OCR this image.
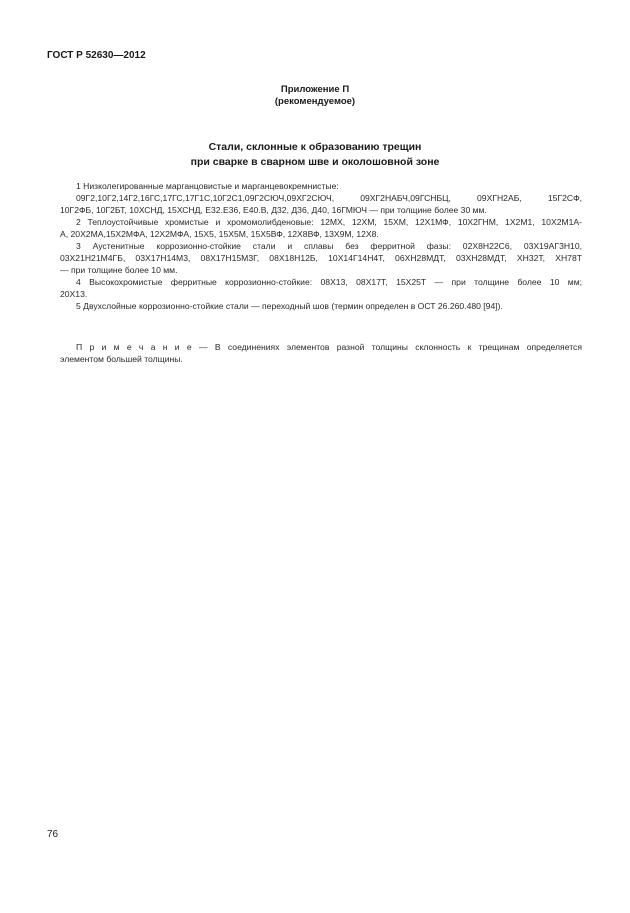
ГОСТ Р 52630—2012
Приложение П
(рекомендуемое)
Стали, склонные к образованию трещин
при сварке в сварном шве и околошовной зоне
1 Низколегированные марганцовистые и марганцевокремнистые:
09Г2,10Г2,14Г2,16ГС,17ГС,17Г1С,10Г2С1,09Г2СЮЧ,09ХГ2СЮЧ, 09ХГ2НАБЧ,09ГСНБЦ, 09ХГН2АБ, 15Г2СФ,
10Г2ФБ, 10Г2БТ, 10ХСНД, 15ХСНД, Е32.Е36, Е40.В, Д32, Д36, Д40, 16ГМЮЧ — при толщине более 30 мм.
2 Теплоустойчивые хромистые и хромомолибденовые: 12МХ, 12ХМ, 15ХМ, 12Х1МФ, 10Х2ГНМ, 1Х2М1, 10Х2М1А-
А, 20Х2МА,15Х2МФА, 12Х2МФА, 15Х5, 15Х5М, 15Х5ВФ, 12Х8ВФ, 13Х9М, 12Х8.
3 Аустенитные коррозионно-стойкие стали и сплавы без ферритной фазы: 02Х8Н22С6, 03Х19АГ3Н10,
03Х21Н21М4ГБ, 03Х17Н14М3, 08Х17Н15М3Г, 08Х18Н12Б, 10Х14Г14Н4Т, 06ХН28МДТ, 03ХН28МДТ, ХН32Т, ХН78Т
— при толщине более 10 мм.
4 Высокохромистые ферритные коррозионно-стойкие: 08Х13, 08Х17Т, 15Х25Т — при толщине более 10 мм;
20Х13.
5 Двухслойные коррозионно-стойкие стали — переходный шов (термин определен в ОСТ 26.260.480 [94]).
П р и м е ч а н и е — В соединениях элементов разной толщины склонность к трещинам определяется
элементом большей толщины.
76
